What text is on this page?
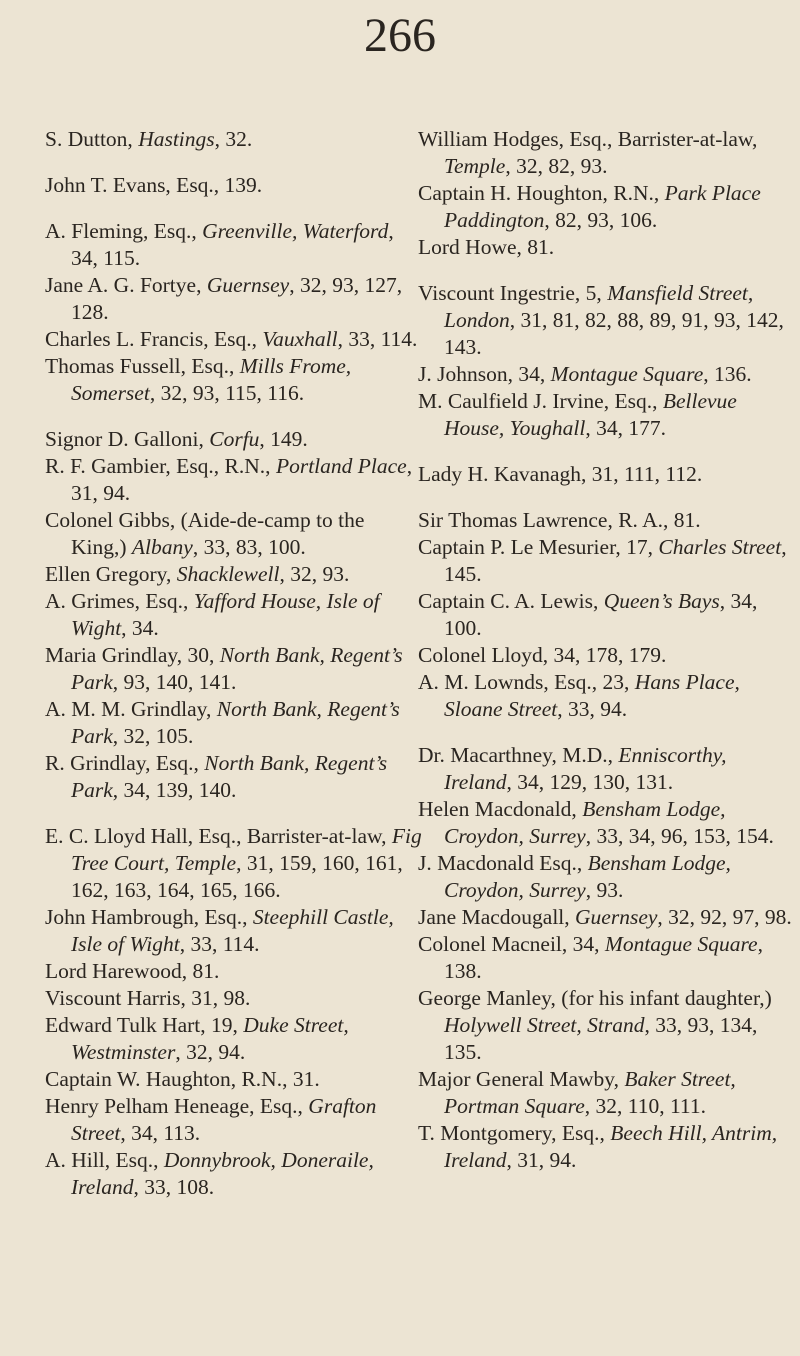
266

S. Dutton, Hastings, 32.

John T. Evans, Esq., 139.

A. Fleming, Esq., Greenville, Waterford, 34, 115.

Jane A. G. Fortye, Guernsey, 32, 93, 127, 128.

Charles L. Francis, Esq., Vauxhall, 33, 114.

Thomas Fussell, Esq., Mills Frome, Somerset, 32, 93, 115, 116.

Signor D. Galloni, Corfu, 149.

R. F. Gambier, Esq., R.N., Portland Place, 31, 94.

Colonel Gibbs, (Aide-de-camp to the King,) Albany, 33, 83, 100.

Ellen Gregory, Shacklewell, 32, 93.

A. Grimes, Esq., Yafford House, Isle of Wight, 34.

Maria Grindlay, 30, North Bank, Regent’s Park, 93, 140, 141.

A. M. M. Grindlay, North Bank, Regent’s Park, 32, 105.

R. Grindlay, Esq., North Bank, Regent’s Park, 34, 139, 140.

E. C. Lloyd Hall, Esq., Barrister-at-law, Fig Tree Court, Temple, 31, 159, 160, 161, 162, 163, 164, 165, 166.

John Hambrough, Esq., Steephill Castle, Isle of Wight, 33, 114.

Lord Harewood, 81.

Viscount Harris, 31, 98.

Edward Tulk Hart, 19, Duke Street, Westminster, 32, 94.

Captain W. Haughton, R.N., 31.

Henry Pelham Heneage, Esq., Grafton Street, 34, 113.

A. Hill, Esq., Donnybrook, Doneraile, Ireland, 33, 108.

William Hodges, Esq., Barrister-at-law, Temple, 32, 82, 93.

Captain H. Houghton, R.N., Park Place Paddington, 82, 93, 106.

Lord Howe, 81.

Viscount Ingestrie, 5, Mansfield Street, London, 31, 81, 82, 88, 89, 91, 93, 142, 143.

J. Johnson, 34, Montague Square, 136.

M. Caulfield J. Irvine, Esq., Bellevue House, Youghall, 34, 177.

Lady H. Kavanagh, 31, 111, 112.

Sir Thomas Lawrence, R. A., 81.

Captain P. Le Mesurier, 17, Charles Street, 145.

Captain C. A. Lewis, Queen’s Bays, 34, 100.

Colonel Lloyd, 34, 178, 179.

A. M. Lownds, Esq., 23, Hans Place, Sloane Street, 33, 94.

Dr. Macarthney, M.D., Enniscorthy, Ireland, 34, 129, 130, 131.

Helen Macdonald, Bensham Lodge, Croydon, Surrey, 33, 34, 96, 153, 154.

J. Macdonald Esq., Bensham Lodge, Croydon, Surrey, 93.

Jane Macdougall, Guernsey, 32, 92, 97, 98.

Colonel Macneil, 34, Montague Square, 138.

George Manley, (for his infant daughter,) Holywell Street, Strand, 33, 93, 134, 135.

Major General Mawby, Baker Street, Portman Square, 32, 110, 111.

T. Montgomery, Esq., Beech Hill, Antrim, Ireland, 31, 94.
